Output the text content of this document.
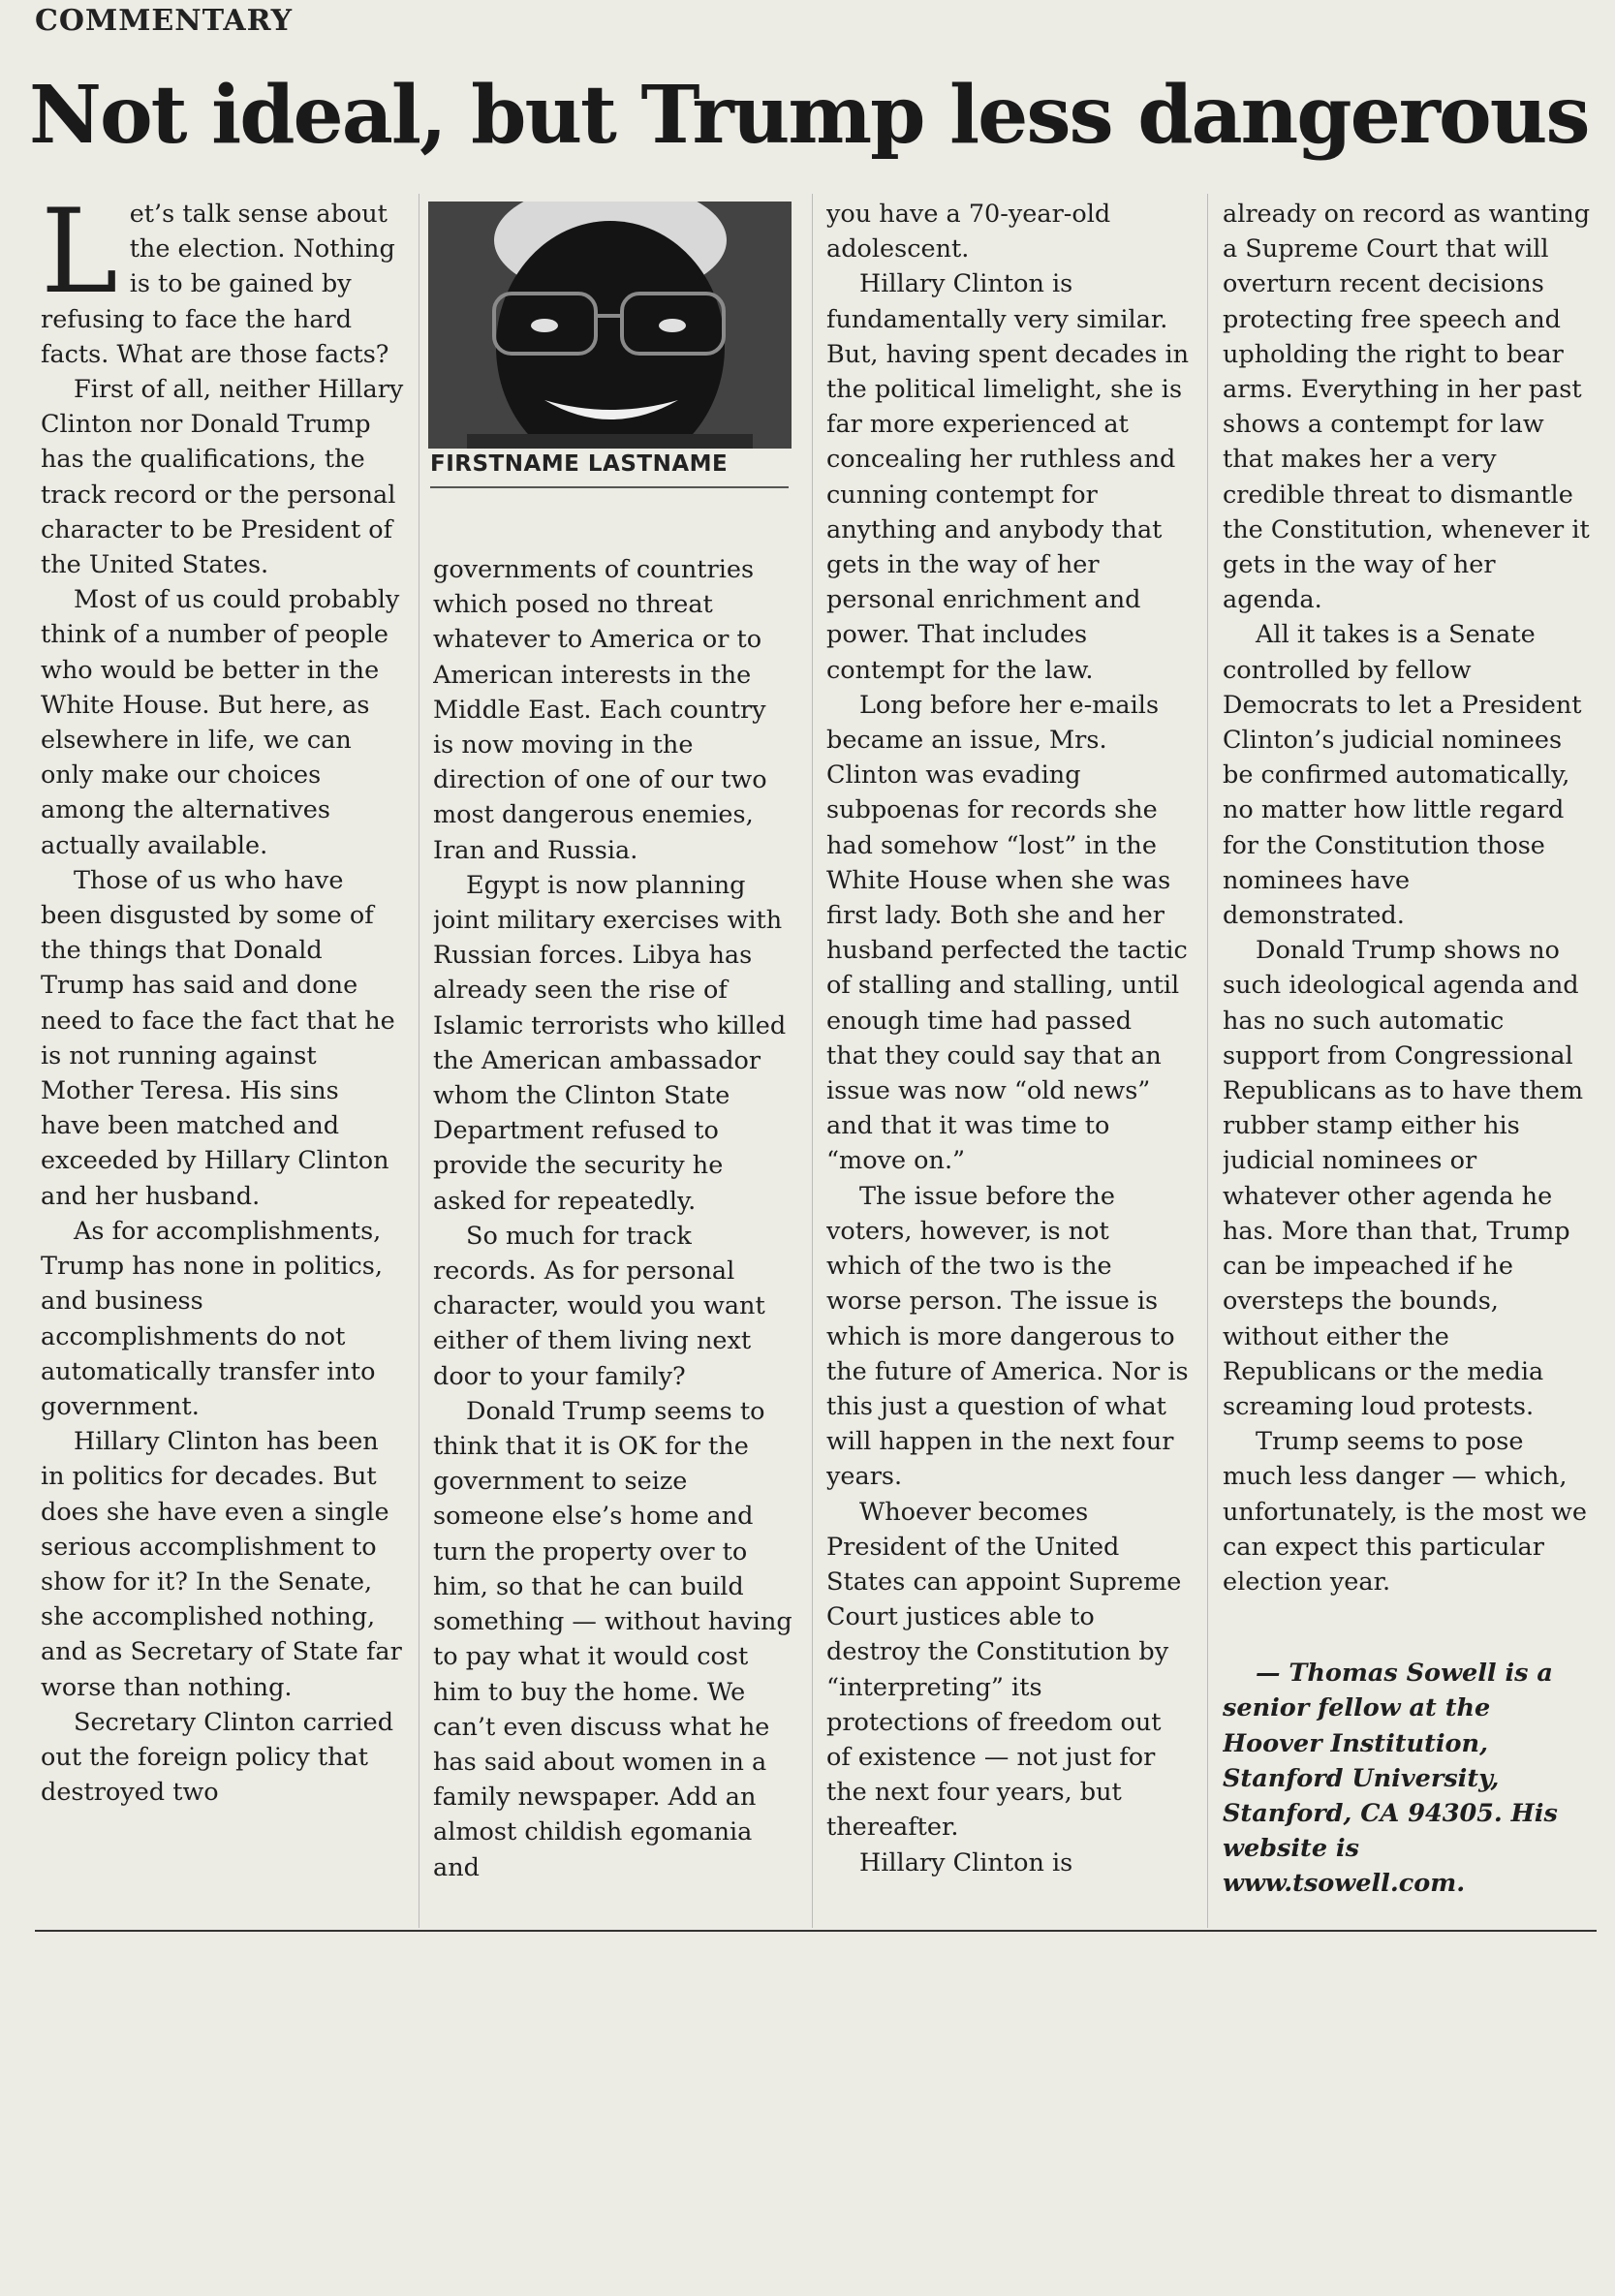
COMMENTARY
Not ideal, but Trump less dangerous
FIRSTNAME LASTNAME

Let’s talk sense about the election. Nothing is to be gained by refusing to face the hard facts. What are those facts?

First of all, neither Hillary Clinton nor Donald Trump has the qualifications, the track record or the personal character to be President of the United States.

Most of us could probably think of a number of people who would be better in the White House. But here, as elsewhere in life, we can only make our choices among the alternatives actually available.

Those of us who have been disgusted by some of the things that Donald Trump has said and done need to face the fact that he is not running against Mother Teresa. His sins have been matched and exceeded by Hillary Clinton and her husband.

As for accomplishments, Trump has none in politics, and business accomplishments do not automatically transfer into government.

Hillary Clinton has been in politics for decades. But does she have even a single serious accomplishment to show for it? In the Senate, she accomplished nothing, and as Secretary of State far worse than nothing.

Secretary Clinton carried out the foreign policy that destroyed two

governments of countries which posed no threat whatever to America or to American interests in the Middle East. Each country is now moving in the direction of one of our two most dangerous enemies, Iran and Russia.

Egypt is now planning joint military exercises with Russian forces. Libya has already seen the rise of Islamic terrorists who killed the American ambassador whom the Clinton State Department refused to provide the security he asked for repeatedly.

So much for track records. As for personal character, would you want either of them living next door to your family?

Donald Trump seems to think that it is OK for the government to seize someone else’s home and turn the property over to him, so that he can build something — without having to pay what it would cost him to buy the home. We can’t even discuss what he has said about women in a family newspaper. Add an almost childish egomania and

you have a 70-year-old adolescent.

Hillary Clinton is fundamentally very similar. But, having spent decades in the political limelight, she is far more experienced at concealing her ruthless and cunning contempt for anything and anybody that gets in the way of her personal enrichment and power. That includes contempt for the law.

Long before her e-mails became an issue, Mrs. Clinton was evading subpoenas for records she had somehow “lost” in the White House when she was first lady. Both she and her husband perfected the tactic of stalling and stalling, until enough time had passed that they could say that an issue was now “old news” and that it was time to “move on.”

The issue before the voters, however, is not which of the two is the worse person. The issue is which is more dangerous to the future of America. Nor is this just a question of what will happen in the next four years.

Whoever becomes President of the United States can appoint Supreme Court justices able to destroy the Constitution by “interpreting” its protections of freedom out of existence — not just for the next four years, but thereafter.

Hillary Clinton is

already on record as wanting a Supreme Court that will overturn recent decisions protecting free speech and upholding the right to bear arms. Everything in her past shows a contempt for law that makes her a very credible threat to dismantle the Constitution, whenever it gets in the way of her agenda.

All it takes is a Senate controlled by fellow Democrats to let a President Clinton’s judicial nominees be confirmed automatically, no matter how little regard for the Constitution those nominees have demonstrated.

Donald Trump shows no such ideological agenda and has no such automatic support from Congressional Republicans as to have them rubber stamp either his judicial nominees or whatever other agenda he has. More than that, Trump can be impeached if he oversteps the bounds, without either the Republicans or the media screaming loud protests.

Trump seems to pose much less danger — which, unfortunately, is the most we can expect this particular election year.

— Thomas Sowell is a senior fellow at the Hoover Institution, Stanford University, Stanford, CA 94305. His website is www.tsowell.com.
